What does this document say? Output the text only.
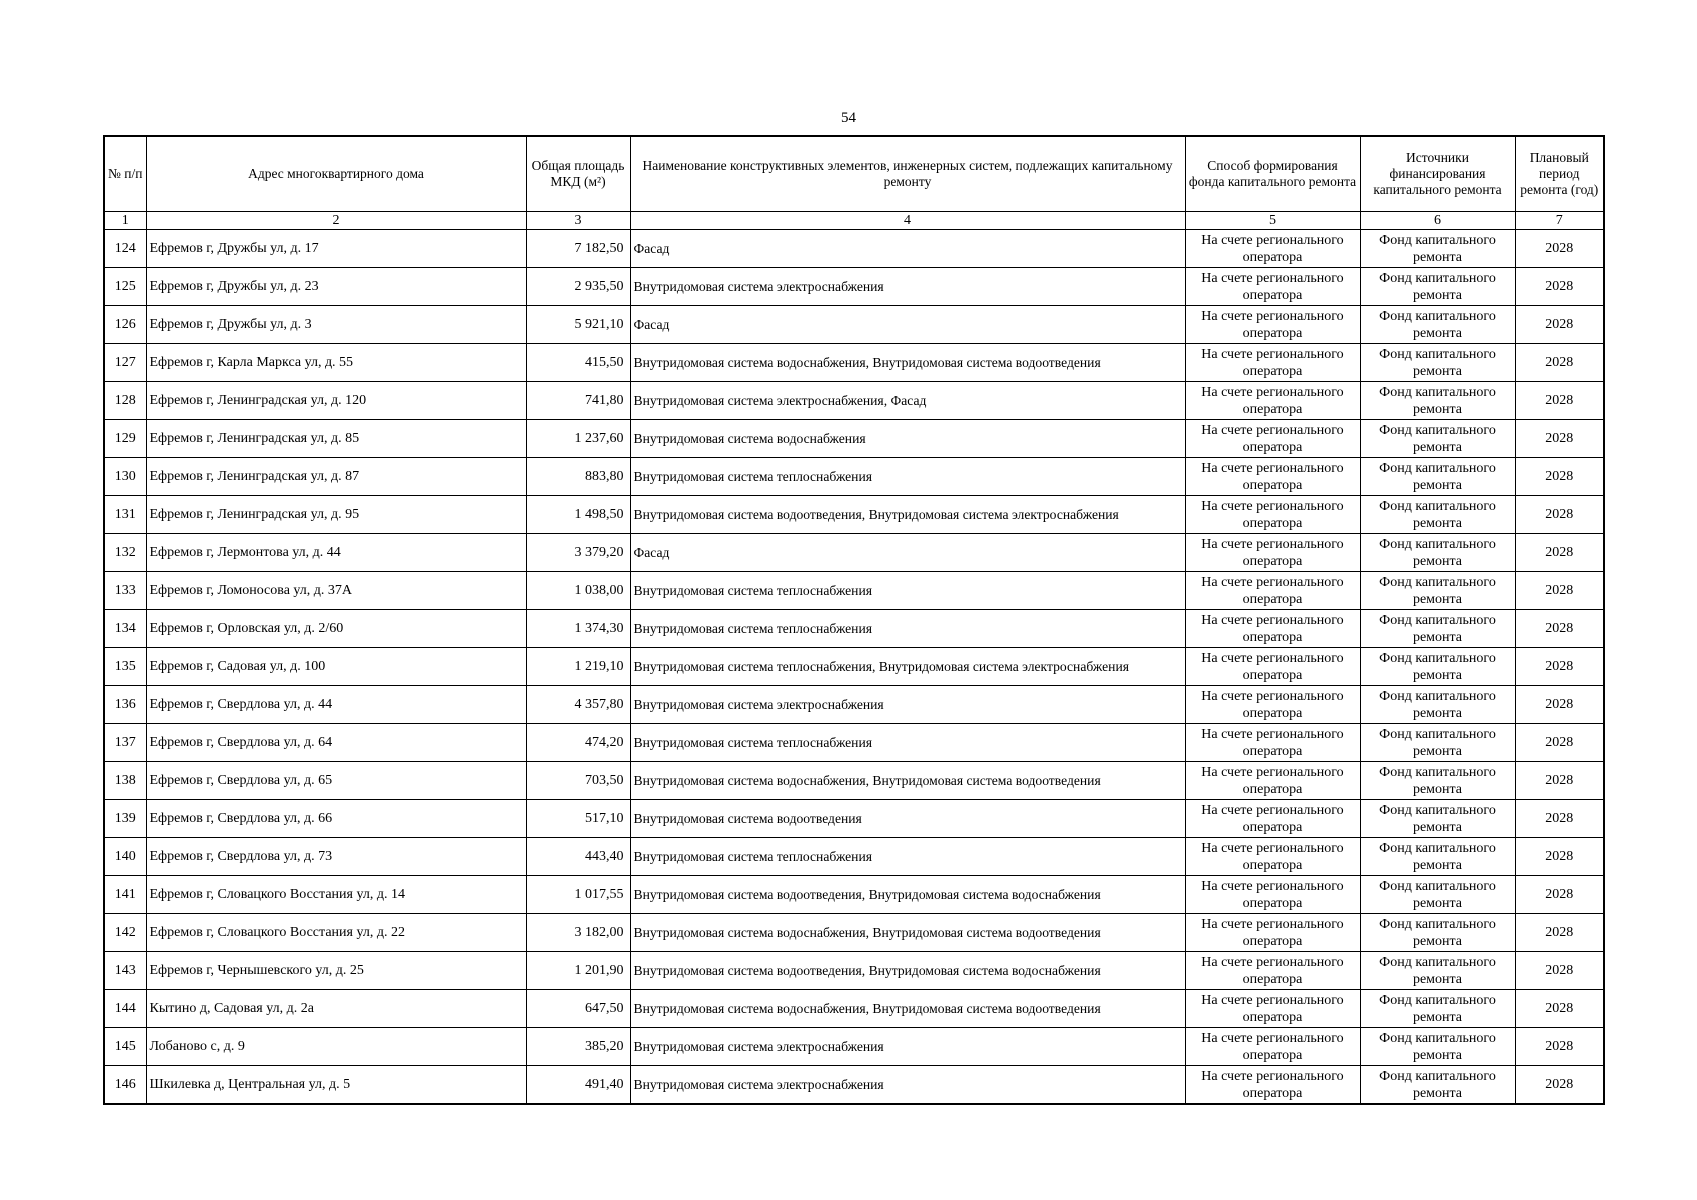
54
№ п/п	Адрес многоквартирного дома	Общая площадь МКД (м²)	Наименование конструктивных элементов, инженерных систем, подлежащих капитальному ремонту	Способ формирования фонда капитального ремонта	Источники финансирования капитального ремонта	Плановый период ремонта (год)
1	2	3	4	5	6	7
124	Ефремов г, Дружбы ул, д. 17	7 182,50	Фасад	На счете регионального оператора	Фонд капитального ремонта	2028
125	Ефремов г, Дружбы ул, д. 23	2 935,50	Внутридомовая система электроснабжения	На счете регионального оператора	Фонд капитального ремонта	2028
126	Ефремов г, Дружбы ул, д. 3	5 921,10	Фасад	На счете регионального оператора	Фонд капитального ремонта	2028
127	Ефремов г, Карла Маркса ул, д. 55	415,50	Внутридомовая система водоснабжения, Внутридомовая система водоотведения	На счете регионального оператора	Фонд капитального ремонта	2028
128	Ефремов г, Ленинградская ул, д. 120	741,80	Внутридомовая система электроснабжения, Фасад	На счете регионального оператора	Фонд капитального ремонта	2028
129	Ефремов г, Ленинградская ул, д. 85	1 237,60	Внутридомовая система водоснабжения	На счете регионального оператора	Фонд капитального ремонта	2028
130	Ефремов г, Ленинградская ул, д. 87	883,80	Внутридомовая система теплоснабжения	На счете регионального оператора	Фонд капитального ремонта	2028
131	Ефремов г, Ленинградская ул, д. 95	1 498,50	Внутридомовая система водоотведения, Внутридомовая система электроснабжения	На счете регионального оператора	Фонд капитального ремонта	2028
132	Ефремов г, Лермонтова ул, д. 44	3 379,20	Фасад	На счете регионального оператора	Фонд капитального ремонта	2028
133	Ефремов г, Ломоносова ул, д. 37А	1 038,00	Внутридомовая система теплоснабжения	На счете регионального оператора	Фонд капитального ремонта	2028
134	Ефремов г, Орловская ул, д. 2/60	1 374,30	Внутридомовая система теплоснабжения	На счете регионального оператора	Фонд капитального ремонта	2028
135	Ефремов г, Садовая ул, д. 100	1 219,10	Внутридомовая система теплоснабжения, Внутридомовая система электроснабжения	На счете регионального оператора	Фонд капитального ремонта	2028
136	Ефремов г, Свердлова ул, д. 44	4 357,80	Внутридомовая система электроснабжения	На счете регионального оператора	Фонд капитального ремонта	2028
137	Ефремов г, Свердлова ул, д. 64	474,20	Внутридомовая система теплоснабжения	На счете регионального оператора	Фонд капитального ремонта	2028
138	Ефремов г, Свердлова ул, д. 65	703,50	Внутридомовая система водоснабжения, Внутридомовая система водоотведения	На счете регионального оператора	Фонд капитального ремонта	2028
139	Ефремов г, Свердлова ул, д. 66	517,10	Внутридомовая система водоотведения	На счете регионального оператора	Фонд капитального ремонта	2028
140	Ефремов г, Свердлова ул, д. 73	443,40	Внутридомовая система теплоснабжения	На счете регионального оператора	Фонд капитального ремонта	2028
141	Ефремов г, Словацкого Восстания ул, д. 14	1 017,55	Внутридомовая система водоотведения, Внутридомовая система водоснабжения	На счете регионального оператора	Фонд капитального ремонта	2028
142	Ефремов г, Словацкого Восстания ул, д. 22	3 182,00	Внутридомовая система водоснабжения, Внутридомовая система водоотведения	На счете регионального оператора	Фонд капитального ремонта	2028
143	Ефремов г, Чернышевского ул, д. 25	1 201,90	Внутридомовая система водоотведения, Внутридомовая система водоснабжения	На счете регионального оператора	Фонд капитального ремонта	2028
144	Кытино д, Садовая ул, д. 2а	647,50	Внутридомовая система водоснабжения, Внутридомовая система водоотведения	На счете регионального оператора	Фонд капитального ремонта	2028
145	Лобаново с, д. 9	385,20	Внутридомовая система электроснабжения	На счете регионального оператора	Фонд капитального ремонта	2028
146	Шкилевка д, Центральная ул, д. 5	491,40	Внутридомовая система электроснабжения	На счете регионального оператора	Фонд капитального ремонта	2028
